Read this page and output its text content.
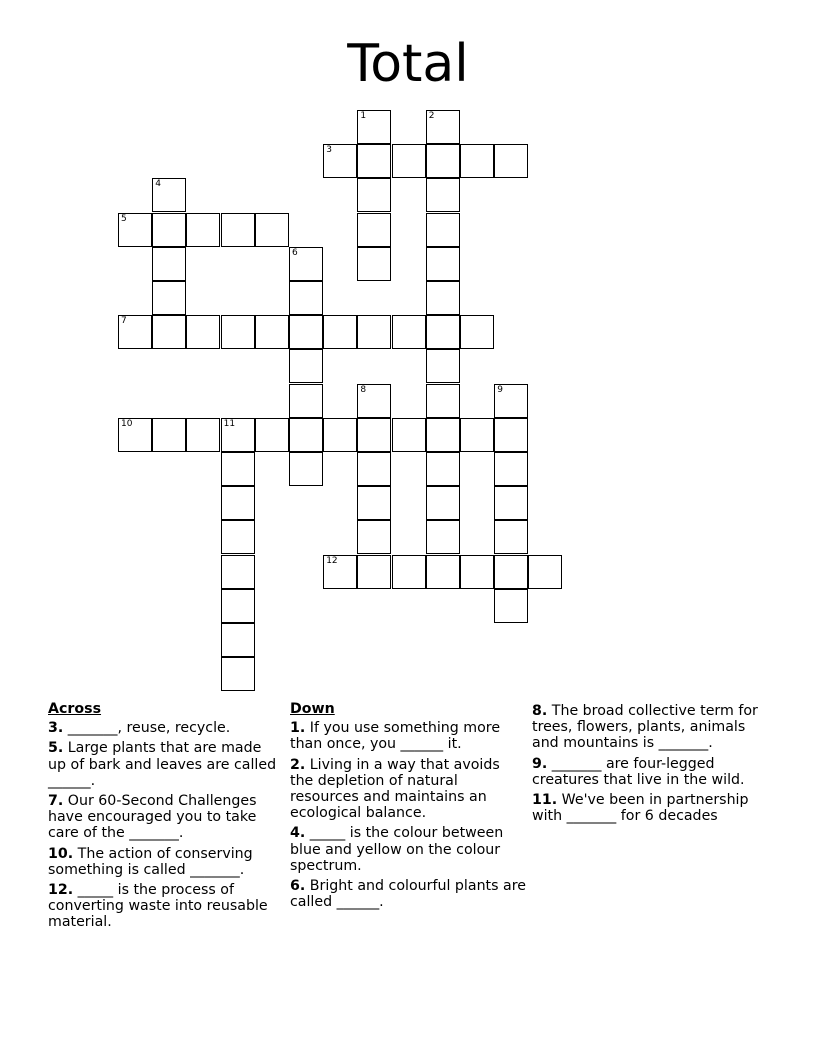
Total
1	2
3
4
5
6
7
8	9
10	11
12
Across
3. _______, reuse, recycle.
5. Large plants that are made up of bark and leaves are called ______.
7. Our 60-Second Challenges have encouraged you to take care of the _______.
10. The action of conserving something is called _______.
12. _____ is the process of converting waste into reusable material.
Down
1. If you use something more than once, you ______ it.
2. Living in a way that avoids the depletion of natural resources and maintains an ecological balance.
4. _____ is the colour between blue and yellow on the colour spectrum.
6. Bright and colourful plants are called ______.
8. The broad collective term for trees, flowers, plants, animals and mountains is _______.
9. _______ are four-legged creatures that live in the wild.
11. We've been in partnership with _______ for 6 decades
